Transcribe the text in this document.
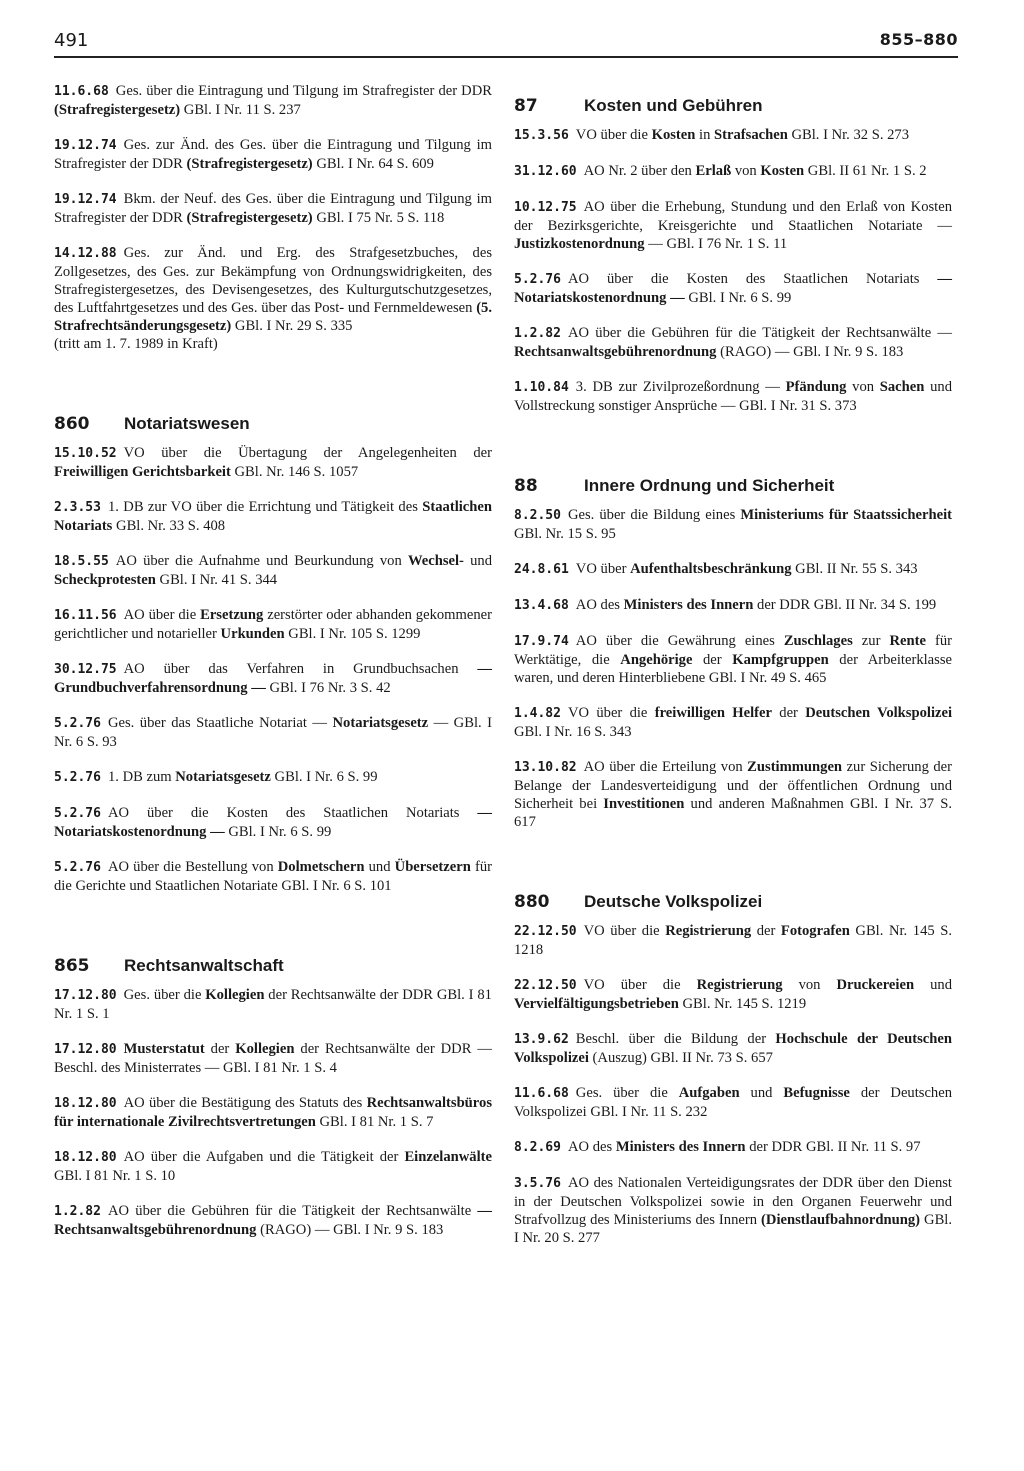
491	855–880

11.6.68 Ges. über die Eintragung und Tilgung im Strafregister der DDR (Strafregistergesetz) GBl. I Nr. 11 S. 237

19.12.74 Ges. zur Änd. des Ges. über die Eintragung und Tilgung im Strafregister der DDR (Strafregistergesetz) GBl. I Nr. 64 S. 609

19.12.74 Bkm. der Neuf. des Ges. über die Eintragung und Tilgung im Strafregister der DDR (Strafregistergesetz) GBl. I 75 Nr. 5 S. 118

14.12.88 Ges. zur Änd. und Erg. des Strafgesetzbuches, des Zollgesetzes, des Ges. zur Bekämpfung von Ordnungswidrigkeiten, des Strafregistergesetzes, des Devisengesetzes, des Kulturgutschutzgesetzes, des Luftfahrtgesetzes und des Ges. über das Post- und Fernmeldewesen (5. Strafrechtsänderungsgesetz) GBl. I Nr. 29 S. 335
(tritt am 1. 7. 1989 in Kraft)

860	Notariatswesen

15.10.52 VO über die Übertagung der Angelegenheiten der Freiwilligen Gerichtsbarkeit GBl. Nr. 146 S. 1057

2.3.53 1. DB zur VO über die Errichtung und Tätigkeit des Staatlichen Notariats GBl. Nr. 33 S. 408

18.5.55 AO über die Aufnahme und Beurkundung von Wechsel- und Scheckprotesten GBl. I Nr. 41 S. 344

16.11.56 AO über die Ersetzung zerstörter oder abhanden gekommener gerichtlicher und notarieller Urkunden GBl. I Nr. 105 S. 1299

30.12.75 AO über das Verfahren in Grundbuchsachen — Grundbuchverfahrensordnung — GBl. I 76 Nr. 3 S. 42

5.2.76 Ges. über das Staatliche Notariat — Notariatsgesetz — GBl. I Nr. 6 S. 93

5.2.76 1. DB zum Notariatsgesetz GBl. I Nr. 6 S. 99

5.2.76 AO über die Kosten des Staatlichen Notariats — Notariatskostenordnung — GBl. I Nr. 6 S. 99

5.2.76 AO über die Bestellung von Dolmetschern und Übersetzern für die Gerichte und Staatlichen Notariate GBl. I Nr. 6 S. 101

865	Rechtsanwaltschaft

17.12.80 Ges. über die Kollegien der Rechtsanwälte der DDR GBl. I 81 Nr. 1 S. 1

17.12.80 Musterstatut der Kollegien der Rechtsanwälte der DDR — Beschl. des Ministerrates — GBl. I 81 Nr. 1 S. 4

18.12.80 AO über die Bestätigung des Statuts des Rechtsanwaltsbüros für internationale Zivilrechtsvertretungen GBl. I 81 Nr. 1 S. 7

18.12.80 AO über die Aufgaben und die Tätigkeit der Einzelanwälte GBl. I 81 Nr. 1 S. 10

1.2.82 AO über die Gebühren für die Tätigkeit der Rechtsanwälte — Rechtsanwaltsgebührenordnung (RAGO) — GBl. I Nr. 9 S. 183

87	Kosten und Gebühren

15.3.56 VO über die Kosten in Strafsachen GBl. I Nr. 32 S. 273

31.12.60 AO Nr. 2 über den Erlaß von Kosten GBl. II 61 Nr. 1 S. 2

10.12.75 AO über die Erhebung, Stundung und den Erlaß von Kosten der Bezirksgerichte, Kreisgerichte und Staatlichen Notariate — Justizkostenordnung — GBl. I 76 Nr. 1 S. 11

5.2.76 AO über die Kosten des Staatlichen Notariats — Notariatskostenordnung — GBl. I Nr. 6 S. 99

1.2.82 AO über die Gebühren für die Tätigkeit der Rechtsanwälte — Rechtsanwaltsgebührenordnung (RAGO) — GBl. I Nr. 9 S. 183

1.10.84 3. DB zur Zivilprozeßordnung — Pfändung von Sachen und Vollstreckung sonstiger Ansprüche — GBl. I Nr. 31 S. 373

88	Innere Ordnung und Sicherheit

8.2.50 Ges. über die Bildung eines Ministeriums für Staatssicherheit GBl. Nr. 15 S. 95

24.8.61 VO über Aufenthaltsbeschränkung GBl. II Nr. 55 S. 343

13.4.68 AO des Ministers des Innern der DDR GBl. II Nr. 34 S. 199

17.9.74 AO über die Gewährung eines Zuschlages zur Rente für Werktätige, die Angehörige der Kampfgruppen der Arbeiterklasse waren, und deren Hinterbliebene GBl. I Nr. 49 S. 465

1.4.82 VO über die freiwilligen Helfer der Deutschen Volkspolizei GBl. I Nr. 16 S. 343

13.10.82 AO über die Erteilung von Zustimmungen zur Sicherung der Belange der Landesverteidigung und der öffentlichen Ordnung und Sicherheit bei Investitionen und anderen Maßnahmen GBl. I Nr. 37 S. 617

880	Deutsche Volkspolizei

22.12.50 VO über die Registrierung der Fotografen GBl. Nr. 145 S. 1218

22.12.50 VO über die Registrierung von Druckereien und Vervielfältigungsbetrieben GBl. Nr. 145 S. 1219

13.9.62 Beschl. über die Bildung der Hochschule der Deutschen Volkspolizei (Auszug) GBl. II Nr. 73 S. 657

11.6.68 Ges. über die Aufgaben und Befugnisse der Deutschen Volkspolizei GBl. I Nr. 11 S. 232

8.2.69 AO des Ministers des Innern der DDR GBl. II Nr. 11 S. 97

3.5.76 AO des Nationalen Verteidigungsrates der DDR über den Dienst in der Deutschen Volkspolizei sowie in den Organen Feuerwehr und Strafvollzug des Ministeriums des Innern (Dienstlaufbahnordnung) GBl. I Nr. 20 S. 277
